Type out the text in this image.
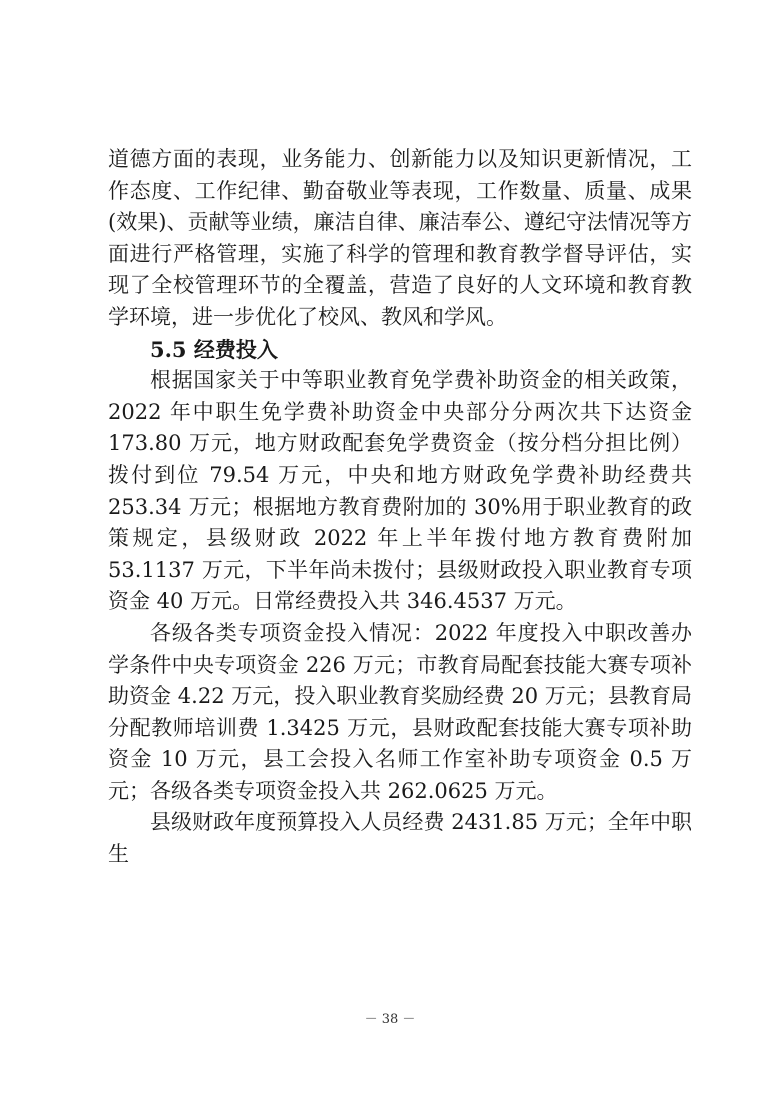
道德方面的表现，业务能力、创新能力以及知识更新情况，工作态度、工作纪律、勤奋敬业等表现，工作数量、质量、成果(效果)、贡献等业绩，廉洁自律、廉洁奉公、遵纪守法情况等方面进行严格管理，实施了科学的管理和教育教学督导评估，实现了全校管理环节的全覆盖，营造了良好的人文环境和教育教学环境，进一步优化了校风、教风和学风。

5.5 经费投入

根据国家关于中等职业教育免学费补助资金的相关政策，2022 年中职生免学费补助资金中央部分分两次共下达资金 173.80 万元，地方财政配套免学费资金（按分档分担比例）拨付到位 79.54 万元，中央和地方财政免学费补助经费共 253.34 万元；根据地方教育费附加的 30%用于职业教育的政策规定，县级财政 2022 年上半年拨付地方教育费附加 53.1137 万元，下半年尚未拨付；县级财政投入职业教育专项资金 40 万元。日常经费投入共 346.4537 万元。

各级各类专项资金投入情况：2022 年度投入中职改善办学条件中央专项资金 226 万元；市教育局配套技能大赛专项补助资金 4.22 万元，投入职业教育奖励经费 20 万元；县教育局分配教师培训费 1.3425 万元，县财政配套技能大赛专项补助资金 10 万元，县工会投入名师工作室补助专项资金 0.5 万元；各级各类专项资金投入共 262.0625 万元。

县级财政年度预算投入人员经费 2431.85 万元；全年中职生

－ 38 －
